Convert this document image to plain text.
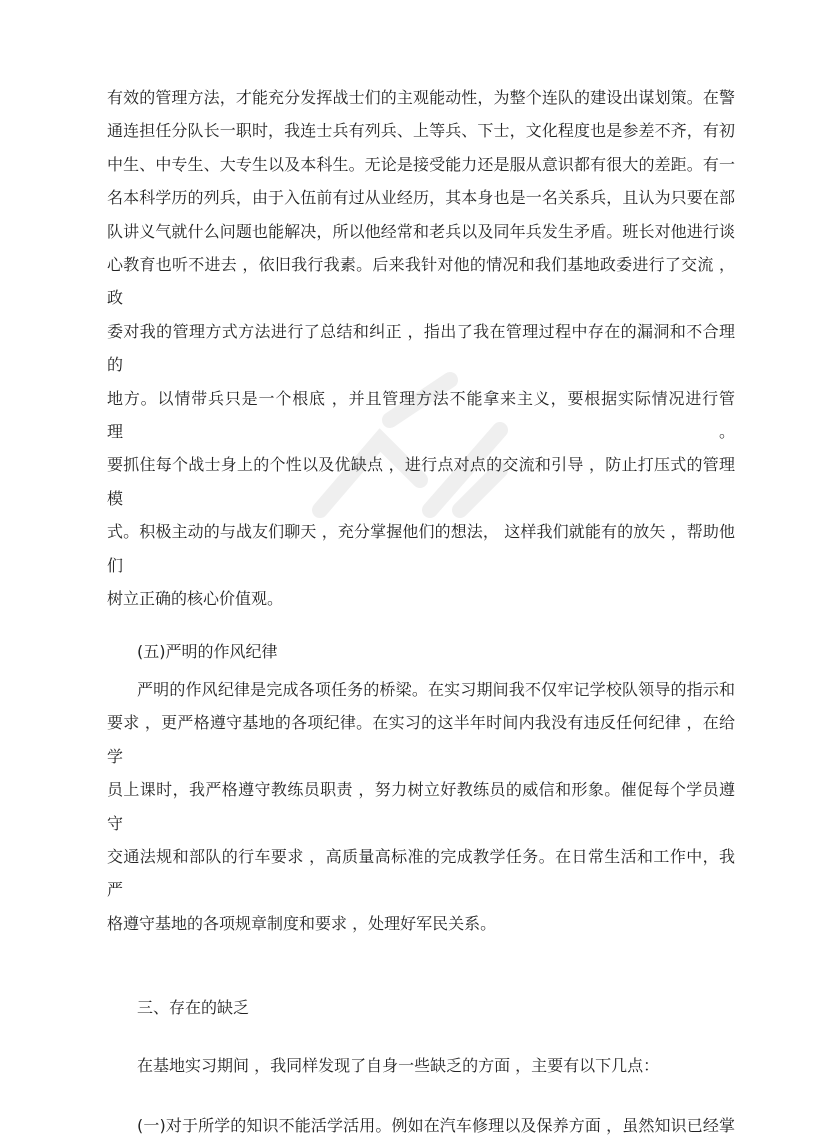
有效的管理方法，才能充分发挥战士们的主观能动性，为整个连队的建设出谋划策。在警
通连担任分队长一职时，我连士兵有列兵、上等兵、下士，文化程度也是参差不齐，有初
中生、中专生、大专生以及本科生。无论是接受能力还是服从意识都有很大的差距。有一
名本科学历的列兵，由于入伍前有过从业经历，其本身也是一名关系兵，且认为只要在部
队讲义气就什么问题也能解决，所以他经常和老兵以及同年兵发生矛盾。班长对他进行谈
心教育也听不进去 ，依旧我行我素。后来我针对他的情况和我们基地政委进行了交流 ，政
委对我的管理方式方法进行了总结和纠正 ，指出了我在管理过程中存在的漏洞和不合理的
地方。以情带兵只是一个根底 ，并且管理方法不能拿来主义，要根据实际情况进行管理。
要抓住每个战士身上的个性以及优缺点 ，进行点对点的交流和引导 ，防止打压式的管理模
式。积极主动的与战友们聊天 ，充分掌握他们的想法， 这样我们就能有的放矢 ，帮助他们
树立正确的核心价值观。
(五)严明的作风纪律
严明的作风纪律是完成各项任务的桥梁。在实习期间我不仅牢记学校队领导的指示和
要求 ，更严格遵守基地的各项纪律。在实习的这半年时间内我没有违反任何纪律 ，在给学
员上课时，我严格遵守教练员职责 ，努力树立好教练员的威信和形象。催促每个学员遵守
交通法规和部队的行车要求 ，高质量高标准的完成教学任务。在日常生活和工作中，我严
格遵守基地的各项规章制度和要求 ，处理好军民关系。
三、存在的缺乏
在基地实习期间 ，我同样发现了自身一些缺乏的方面 ，主要有以下几点：
(一)对于所学的知识不能活学活用。例如在汽车修理以及保养方面 ，虽然知识已经掌
